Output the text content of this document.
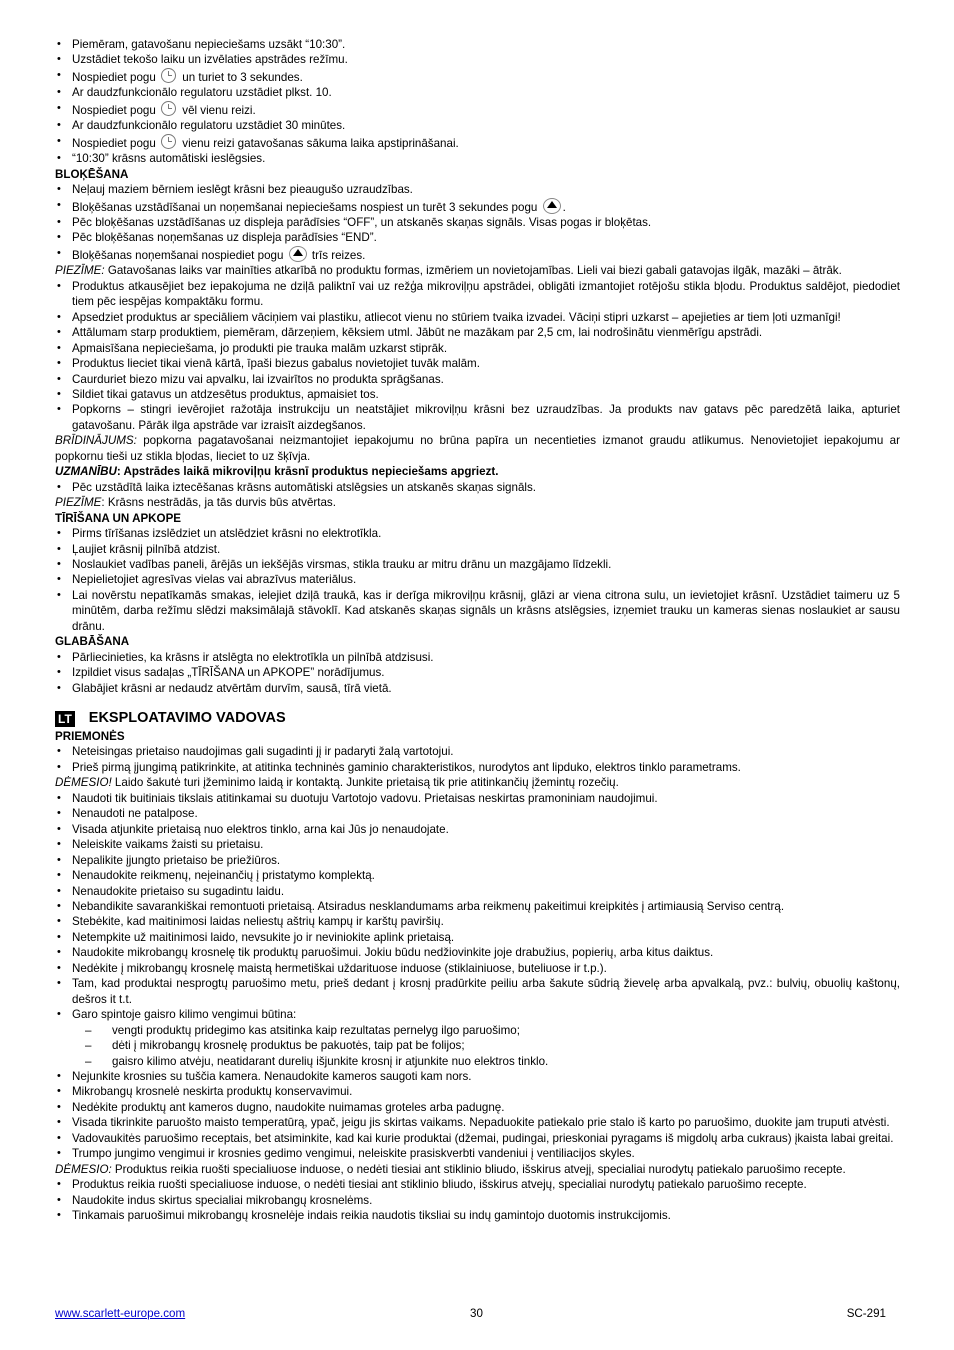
• Piemēram, gatavošanu nepieciešams uzsākt “10:30”.
• Uzstādiet tekošo laiku un izvēlaties apstrādes režīmu.
• Nospiediet pogu un turiet to 3 sekundes.
• Ar daudzfunkcionālo regulatoru uzstādiet plkst. 10.
• Nospiediet pogu vēl vienu reizi.
• Ar daudzfunkcionālo regulatoru uzstādiet 30 minūtes.
• Nospiediet pogu vienu reizi gatavošanas sākuma laika apstiprināšanai.
• “10:30” krāsns automātiski ieslēgsies.
BLOĶĒŠANA
• Neļauj maziem bērniem ieslēgt krāsni bez pieaugušo uzraudzības.
• Bloķēšanas uzstādīšanai un noņemšanai nepieciešams nospiest un turēt 3 sekundes pogu .
• Pēc bloķēšanas uzstādīšanas uz displeja parādīsies “OFF”, un atskanēs skaņas signāls. Visas pogas ir bloķētas.
• Pēc bloķēšanas noņemšanas uz displeja parādīsies “END”.
• Bloķēšanas noņemšanai nospiediet pogu trīs reizes.

PIEZĪME: Gatavošanas laiks var mainīties atkarībā no produktu formas, izmēriem un novietojamības. Lieli vai biezi gabali gatavojas ilgāk, mazāki – ātrāk.

• Produktus atkausējiet bez iepakojuma ne dziļā paliktnī vai uz režģa mikroviļņu apstrādei, obligāti izmantojiet rotējošu stikla bļodu. Produktus saldējot, piedodiet tiem pēc iespējas kompaktāku formu.
• Apsedziet produktus ar speciāliem vāciņiem vai plastiku, atliecot vienu no stūriem tvaika izvadei. Vāciņi stipri uzkarst – apejieties ar tiem ļoti uzmanīgi!
• Attālumam starp produktiem, piemēram, dārzeņiem, kēksiem utml. Jābūt ne mazākam par 2,5 cm, lai nodrošinātu vienmērīgu apstrādi.
• Apmaisīšana nepieciešama, jo produkti pie trauka malām uzkarst stiprāk.
• Produktus lieciet tikai vienā kārtā, īpaši biezus gabalus novietojiet tuvāk malām.
• Caurduriet biezo mizu vai apvalku, lai izvairītos no produkta sprāgšanas.
• Sildiet tikai gatavus un atdzesētus produktus, apmaisiet tos.
• Popkorns – stingri ievērojiet ražotāja instrukciju un neatstājiet mikroviļņu krāsni bez uzraudzības. Ja produkts nav gatavs pēc paredzētā laika, apturiet gatavošanu. Pārāk ilga apstrāde var izraisīt aizdegšanos.

BRĪDINĀJUMS: popkorna pagatavošanai neizmantojiet iepakojumu no brūna papīra un necentieties izmanot graudu atlikumus. Nenovietojiet iepakojumu ar popkornu tieši uz stikla bļodas, lieciet to uz šķīvja.

UZMANĪBU: Apstrādes laikā mikroviļņu krāsnī produktus nepieciešams apgriezt.

• Pēc uzstādītā laika iztecēšanas krāsns automātiski atslēgsies un atskanēs skaņas signāls.

PIEZĪME: Krāsns nestrādās, ja tās durvis būs atvērtas.

TĪRĪŠANA UN APKOPE
• Pirms tīrīšanas izslēdziet un atslēdziet krāsni no elektrotīkla.
• Ļaujiet krāsnij pilnībā atdzist.
• Noslaukiet vadības paneli, ārējās un iekšējās virsmas, stikla trauku ar mitru drānu un mazgājamo līdzekli.
• Nepielietojiet agresīvas vielas vai abrazīvus materiālus.
• Lai novērstu nepatīkamās smakas, ielejiet dziļā traukā, kas ir derīga mikroviļņu krāsnij, glāzi ar viena citrona sulu, un ievietojiet krāsnī. Uzstādiet taimeru uz 5 minūtēm, darba režīmu slēdzi maksimālajā stāvoklī. Kad atskanēs skaņas signāls un krāsns atslēgsies, izņemiet trauku un kameras sienas noslaukiet ar sausu drānu.
GLABĀŠANA
• Pārliecinieties, ka krāsns ir atslēgta no elektrotīkla un pilnībā atdzisusi.
• Izpildiet visus sadaļas „TĪRĪŠANA un APKOPE” norādījumus.
• Glabājiet krāsni ar nedaudz atvērtām durvīm, sausā, tīrā vietā.
LT EKSPLOATAVIMO VADOVAS
PRIEMONĖS
• Neteisingas prietaiso naudojimas gali sugadinti jį ir padaryti žalą vartotojui.
• Prieš pirmą įjungimą patikrinkite, at atitinka techninės gaminio charakteristikos, nurodytos ant lipduko, elektros tinklo parametrams.

DĖMESIO! Laido šakutė turi įžeminimo laidą ir kontaktą. Junkite prietaisą tik prie atitinkančių įžemintų rozečių.

• Naudoti tik buitiniais tikslais atitinkamai su duotuju Vartotojo vadovu. Prietaisas neskirtas pramoniniam naudojimui.
• Nenaudoti ne patalpose.
• Visada atjunkite prietaisą nuo elektros tinklo, arna kai Jūs jo nenaudojate.
• Neleiskite vaikams žaisti su prietaisu.
• Nepalikite įjungto prietaiso be priežiūros.
• Nenaudokite reikmenų, neįeinančių į pristatymo komplektą.
• Nenaudokite prietaiso su sugadintu laidu.
• Nebandikite savarankiškai remontuoti prietaisą. Atsiradus nesklandumams arba reikmenų pakeitimui kreipkitės į artimiausią Serviso centrą.
• Stebėkite, kad maitinimosi laidas neliestų aštrių kampų ir karštų paviršių.
• Netempkite už maitinimosi laido, nevsukite jo ir neviniokite aplink prietaisą.
• Naudokite mikrobangų krosnelę tik produktų paruošimui. Jokiu būdu nedžiovinkite joje drabužius, popierių, arba kitus daiktus.
• Nedėkite į mikrobangų krosnelę maistą hermetiškai uždarituose induose (stiklainiuose, buteliuose ir t.p.).
• Tam, kad produktai nesprogtų paruošimo metu, prieš dedant į krosnį pradūrkite peiliu arba šakute sūdrią žievelę arba apvalkalą, pvz.: bulvių, obuolių kaštonų, dešros it t.t.
• Garo spintoje gaisro kilimo vengimui būtina:
– vengti produktų pridegimo kas atsitinka kaip rezultatas pernelyg ilgo paruošimo;
– dėti į mikrobangų krosnelę produktus be pakuotės, taip pat be folijos;
– gaisro kilimo atvėju, neatidarant durelių išjunkite krosnį ir atjunkite nuo elektros tinklo.
• Nejunkite krosnies su tuščia kamera. Nenaudokite kameros saugoti kam nors.
• Mikrobangų krosnelė neskirta produktų konservavimui.
• Nedėkite produktų ant kameros dugno, naudokite nuimamas groteles arba padugnę.
• Visada tikrinkite paruošto maisto temperatūrą, ypač, jeigu jis skirtas vaikams. Nepaduokite patiekalo prie stalo iš karto po paruošimo, duokite jam truputi atvėsti.
• Vadovaukitės paruošimo receptais, bet atsiminkite, kad kai kurie produktai (džemai, pudingai, prieskoniai pyragams iš migdolų arba cukraus) įkaista labai greitai.
• Trumpo jungimo vengimui ir krosnies gedimo vengimui, neleiskite prasiskverbti vandeniui į ventiliacijos skyles.

DĖMESIO: Produktus reikia ruošti specialiuose induose, o nedėti tiesiai ant stiklinio bliudo, išskirus atvejį, specialiai nurodytų patiekalo paruošimo recepte.

• Produktus reikia ruošti specialiuose induose, o nedėti tiesiai ant stiklinio bliudo, išskirus atvejų, specialiai nurodytų patiekalo paruošimo recepte.
• Naudokite indus skirtus specialiai mikrobangų krosnelėms.
• Tinkamais paruošimui mikrobangų krosnelėje indais reikia naudotis tiksliai su indų gamintojo duotomis instrukcijomis.
www.scarlett-europe.com	30	SC-291
